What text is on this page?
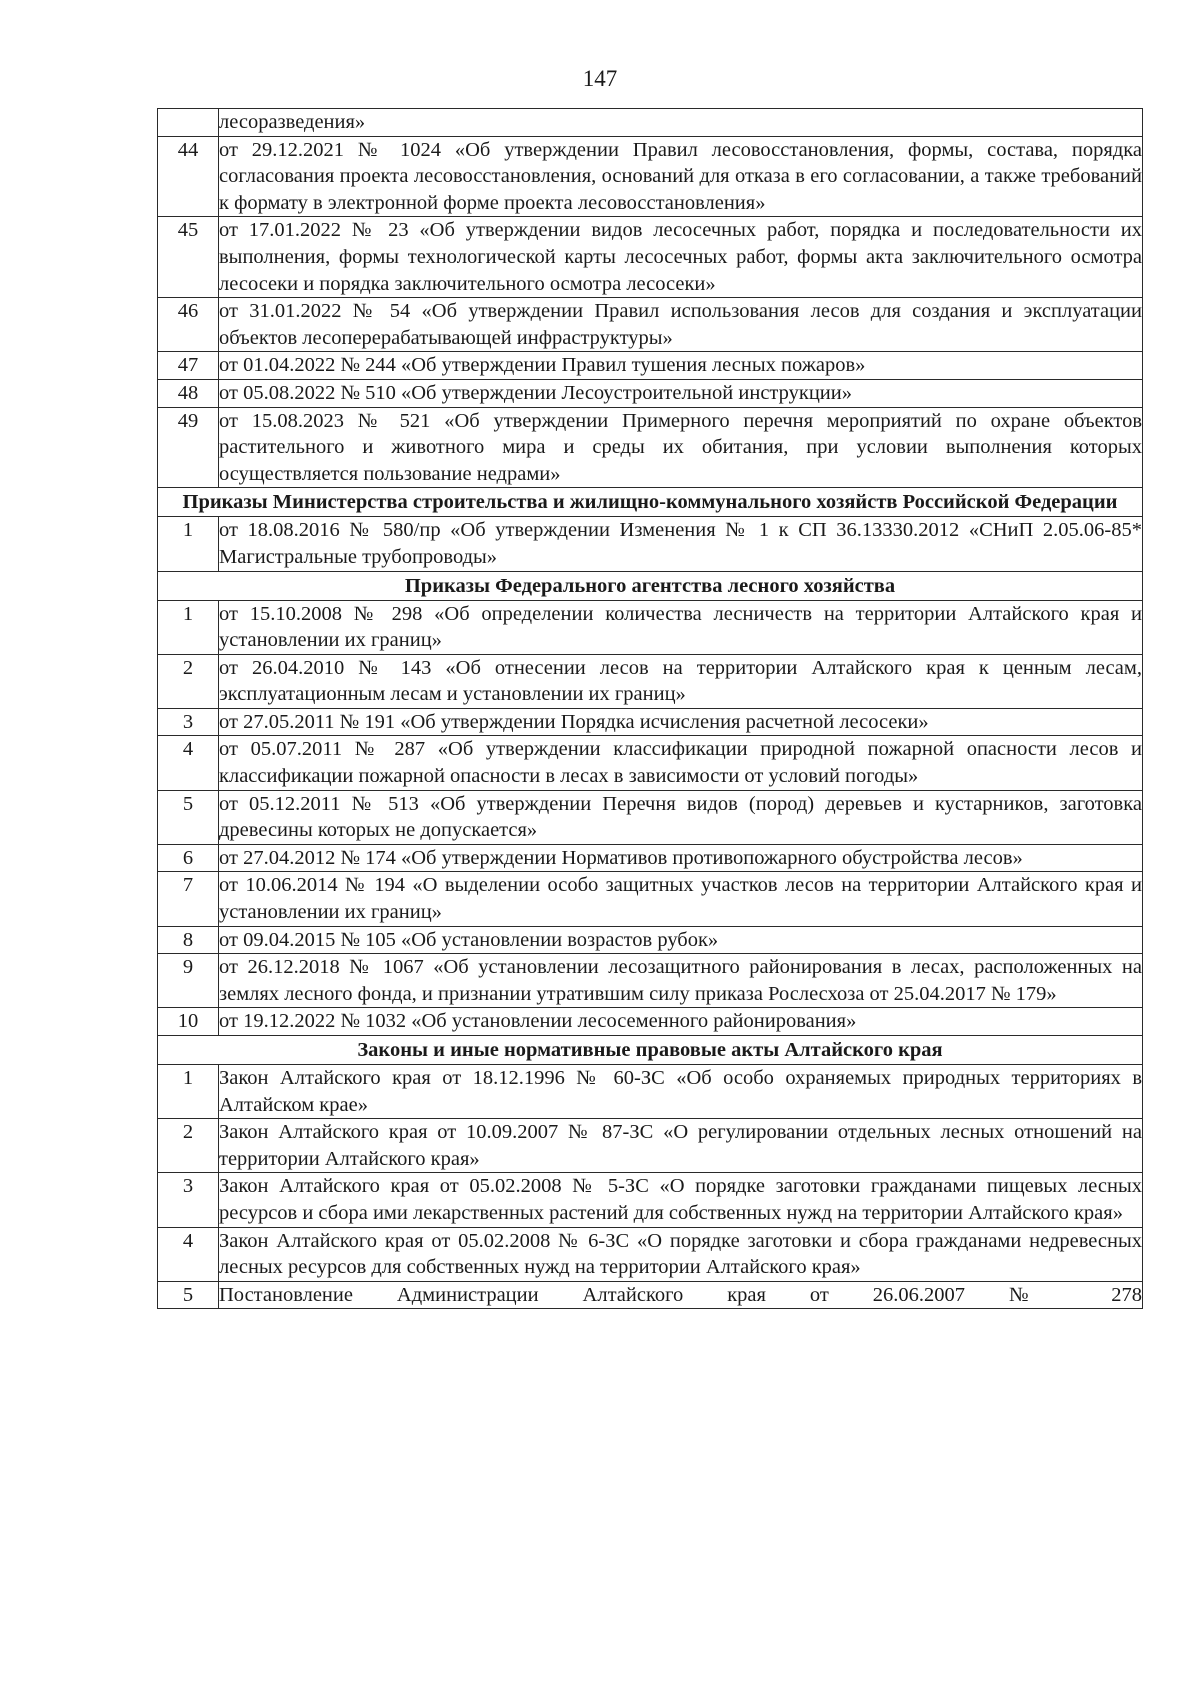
147
	лесоразведения»
44	от 29.12.2021 № 1024 «Об утверждении Правил лесовосстановления, формы, состава, порядка согласования проекта лесовосстановления, оснований для отказа в его согласовании, а также требований к формату в электронной форме проекта лесовосстановления»
45	от 17.01.2022 № 23 «Об утверждении видов лесосечных работ, порядка и последовательности их выполнения, формы технологической карты лесосечных работ, формы акта заключительного осмотра лесосеки и порядка заключительного осмотра лесосеки»
46	от 31.01.2022 № 54 «Об утверждении Правил использования лесов для создания и эксплуатации объектов лесоперерабатывающей инфраструктуры»
47	от 01.04.2022 № 244 «Об утверждении Правил тушения лесных пожаров»
48	от 05.08.2022 № 510 «Об утверждении Лесоустроительной инструкции»
49	от 15.08.2023 № 521 «Об утверждении Примерного перечня мероприятий по охране объектов растительного и животного мира и среды их обитания, при условии выполнения которых осуществляется пользование недрами»
Приказы Министерства строительства и жилищно-коммунального хозяйств Российской Федерации	
1	от 18.08.2016 № 580/пр «Об утверждении Изменения № 1 к СП 36.13330.2012 «СНиП 2.05.06-85* Магистральные трубопроводы»
Приказы Федерального агентства лесного хозяйства	
1	от 15.10.2008 № 298 «Об определении количества лесничеств на территории Алтайского края и установлении их границ»
2	от 26.04.2010 № 143 «Об отнесении лесов на территории Алтайского края к ценным лесам, эксплуатационным лесам и установлении их границ»
3	от 27.05.2011 № 191 «Об утверждении Порядка исчисления расчетной лесосеки»
4	от 05.07.2011 № 287 «Об утверждении классификации природной пожарной опасности лесов и классификации пожарной опасности в лесах в зависимости от условий погоды»
5	от 05.12.2011 № 513 «Об утверждении Перечня видов (пород) деревьев и кустарников, заготовка древесины которых не допускается»
6	от 27.04.2012 № 174 «Об утверждении Нормативов противопожарного обустройства лесов»
7	от 10.06.2014 № 194 «О выделении особо защитных участков лесов на территории Алтайского края и установлении их границ»
8	от 09.04.2015 № 105 «Об установлении возрастов рубок»
9	от 26.12.2018 № 1067 «Об установлении лесозащитного районирования в лесах, расположенных на землях лесного фонда, и признании утратившим силу приказа Рослесхоза от 25.04.2017 № 179»
10	от 19.12.2022 № 1032 «Об установлении лесосеменного районирования»
Законы и иные нормативные правовые акты Алтайского края	
1	Закон Алтайского края от 18.12.1996 № 60-ЗС «Об особо охраняемых природных территориях в Алтайском крае»
2	Закон Алтайского края от 10.09.2007 № 87-ЗС «О регулировании отдельных лесных отношений на территории Алтайского края»
3	Закон Алтайского края от 05.02.2008 № 5-ЗС «О порядке заготовки гражданами пищевых лесных ресурсов и сбора ими лекарственных растений для собственных нужд на территории Алтайского края»
4	Закон Алтайского края от 05.02.2008 № 6-ЗС «О порядке заготовки и сбора гражданами недревесных лесных ресурсов для собственных нужд на территории Алтайского края»
5	Постановление Администрации Алтайского края от 26.06.2007 № 278
